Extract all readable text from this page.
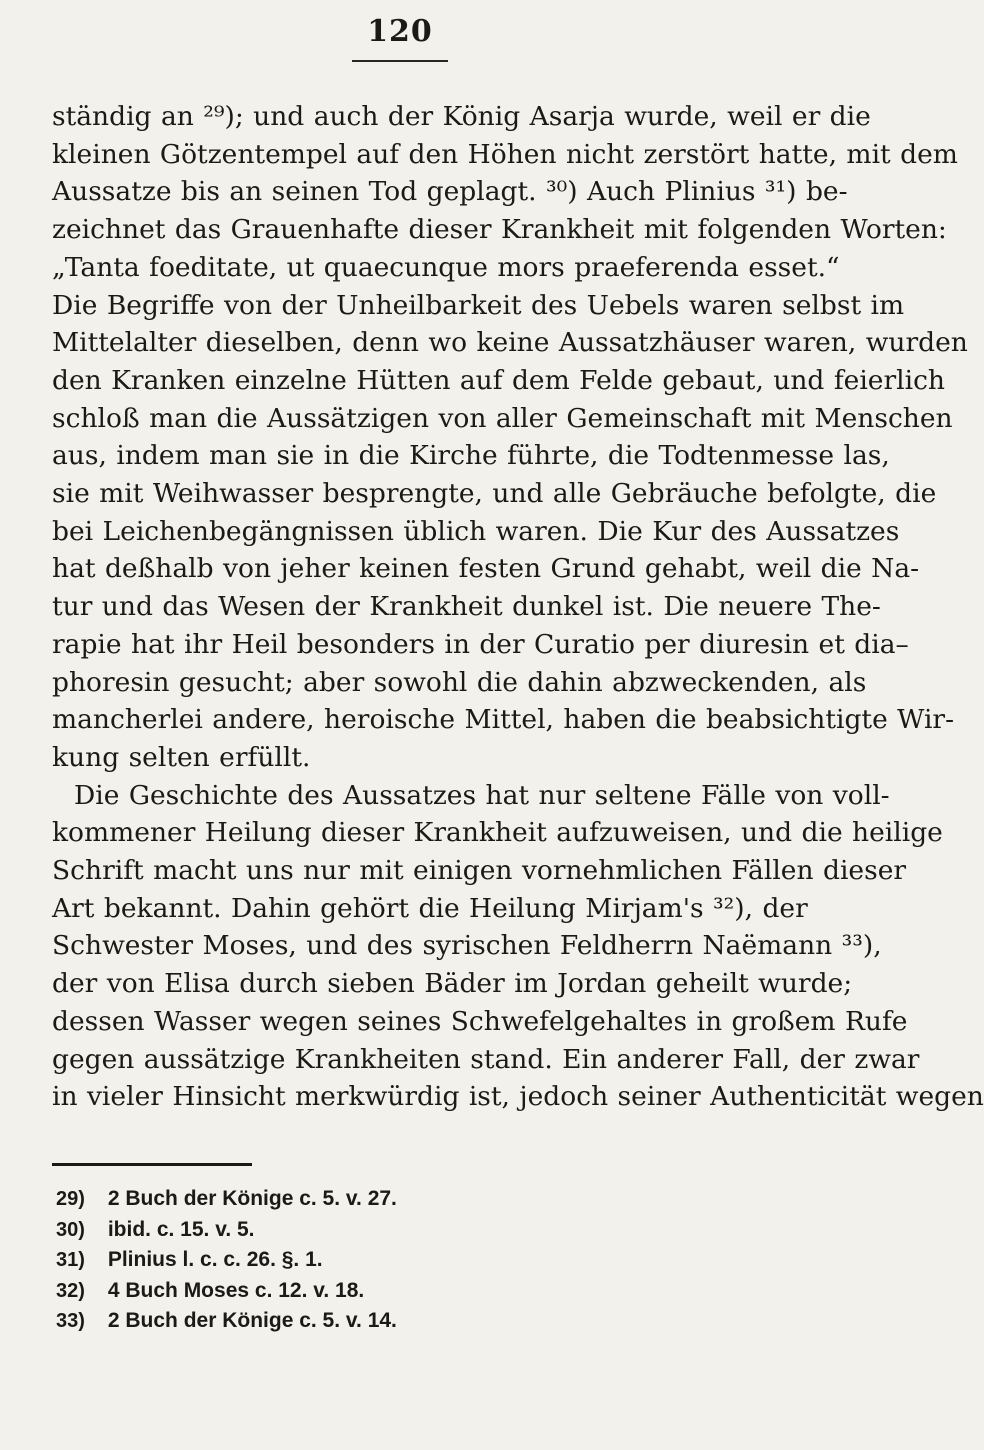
120
ständig an ²⁹); und auch der König Asarja wurde, weil er die
kleinen Götzentempel auf den Höhen nicht zerstört hatte, mit dem
Aussatze bis an seinen Tod geplagt. ³⁰) Auch Plinius ³¹) be-
zeichnet das Grauenhafte dieser Krankheit mit folgenden Worten:
„Tanta foeditate, ut quaecunque mors praeferenda esset.“
Die Begriffe von der Unheilbarkeit des Uebels waren selbst im
Mittelalter dieselben, denn wo keine Aussatzhäuser waren, wurden
den Kranken einzelne Hütten auf dem Felde gebaut, und feierlich
schloß man die Aussätzigen von aller Gemeinschaft mit Menschen
aus, indem man sie in die Kirche führte, die Todtenmesse las,
sie mit Weihwasser besprengte, und alle Gebräuche befolgte, die
bei Leichenbegängnissen üblich waren. Die Kur des Aussatzes
hat deßhalb von jeher keinen festen Grund gehabt, weil die Na-
tur und das Wesen der Krankheit dunkel ist. Die neuere The-
rapie hat ihr Heil besonders in der Curatio per diuresin et dia–
phoresin gesucht; aber sowohl die dahin abzweckenden, als
mancherlei andere, heroische Mittel, haben die beabsichtigte Wir-
kung selten erfüllt.
Die Geschichte des Aussatzes hat nur seltene Fälle von voll-
kommener Heilung dieser Krankheit aufzuweisen, und die heilige
Schrift macht uns nur mit einigen vornehmlichen Fällen dieser
Art bekannt. Dahin gehört die Heilung Mirjam's ³²), der
Schwester Moses, und des syrischen Feldherrn Naëmann ³³),
der von Elisa durch sieben Bäder im Jordan geheilt wurde;
dessen Wasser wegen seines Schwefelgehaltes in großem Rufe
gegen aussätzige Krankheiten stand. Ein anderer Fall, der zwar
in vieler Hinsicht merkwürdig ist, jedoch seiner Authenticität wegen
29) 2 Buch der Könige c. 5. v. 27.
30) ibid. c. 15. v. 5.
31) Plinius l. c. c. 26. §. 1.
32) 4 Buch Moses c. 12. v. 18.
33) 2 Buch der Könige c. 5. v. 14.
